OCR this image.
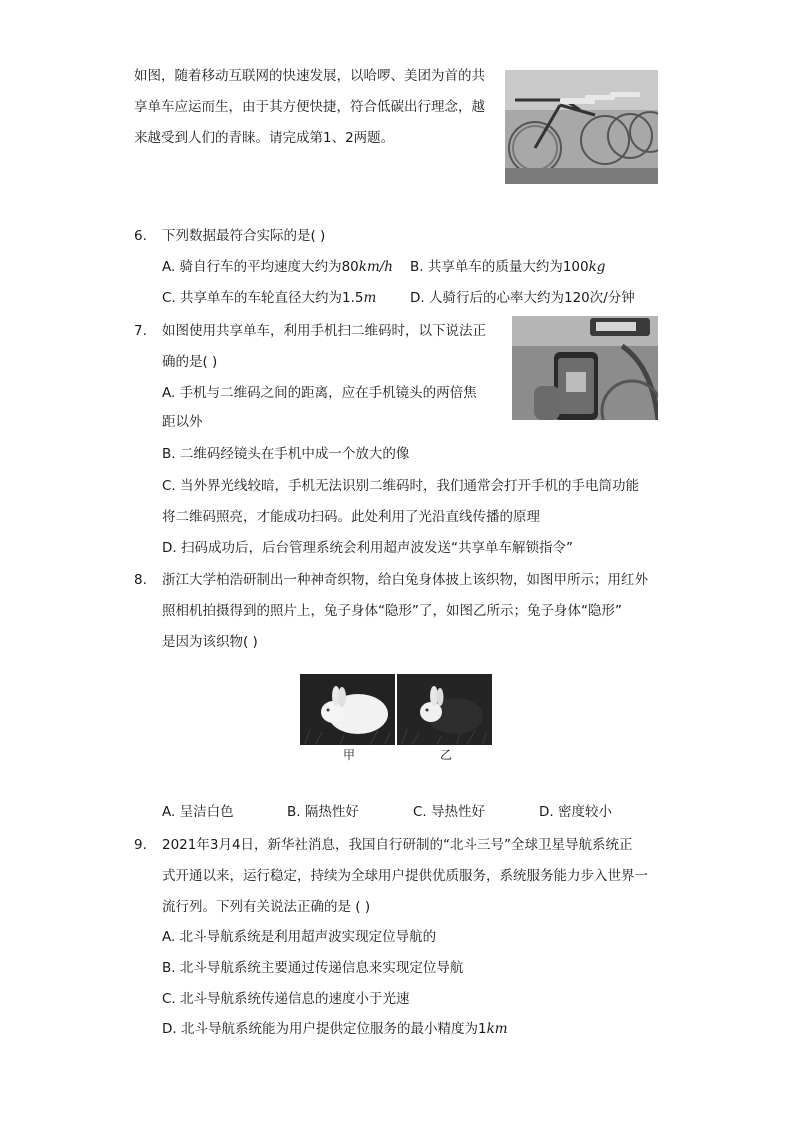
如图，随着移动互联网的快速发展，以哈啰、美团为首的共
享单车应运而生，由于其方便快捷，符合低碳出行理念，越
来越受到人们的青睐。请完成第1、2两题。
6. 下列数据最符合实际的是( )
A. 骑自行车的平均速度大约为80km/h B. 共享单车的质量大约为100kg
C. 共享单车的车轮直径大约为1.5m D. 人骑行后的心率大约为120次/分钟
7. 如图使用共享单车，利用手机扫二维码时，以下说法正
确的是( )
A. 手机与二维码之间的距离，应在手机镜头的两倍焦
距以外
B. 二维码经镜头在手机中成一个放大的像
C. 当外界光线较暗，手机无法识别二维码时，我们通常会打开手机的手电筒功能
将二维码照亮，才能成功扫码。此处利用了光沿直线传播的原理
D. 扫码成功后，后台管理系统会利用超声波发送“共享单车解锁指令”
8. 浙江大学柏浩研制出一种神奇织物，给白兔身体披上该织物，如图甲所示；用红外
照相机拍摄得到的照片上，兔子身体“隐形”了，如图乙所示；兔子身体“隐形”
是因为该织物( )
甲	乙
A. 呈洁白色	B. 隔热性好	C. 导热性好	D. 密度较小
9. 2021年3月4日，新华社消息，我国自行研制的“北斗三号”全球卫星导航系统正
式开通以来，运行稳定，持续为全球用户提供优质服务，系统服务能力步入世界一
流行列。下列有关说法正确的是 ( )
A. 北斗导航系统是利用超声波实现定位导航的
B. 北斗导航系统主要通过传递信息来实现定位导航
C. 北斗导航系统传递信息的速度小于光速
D. 北斗导航系统能为用户提供定位服务的最小精度为1km
